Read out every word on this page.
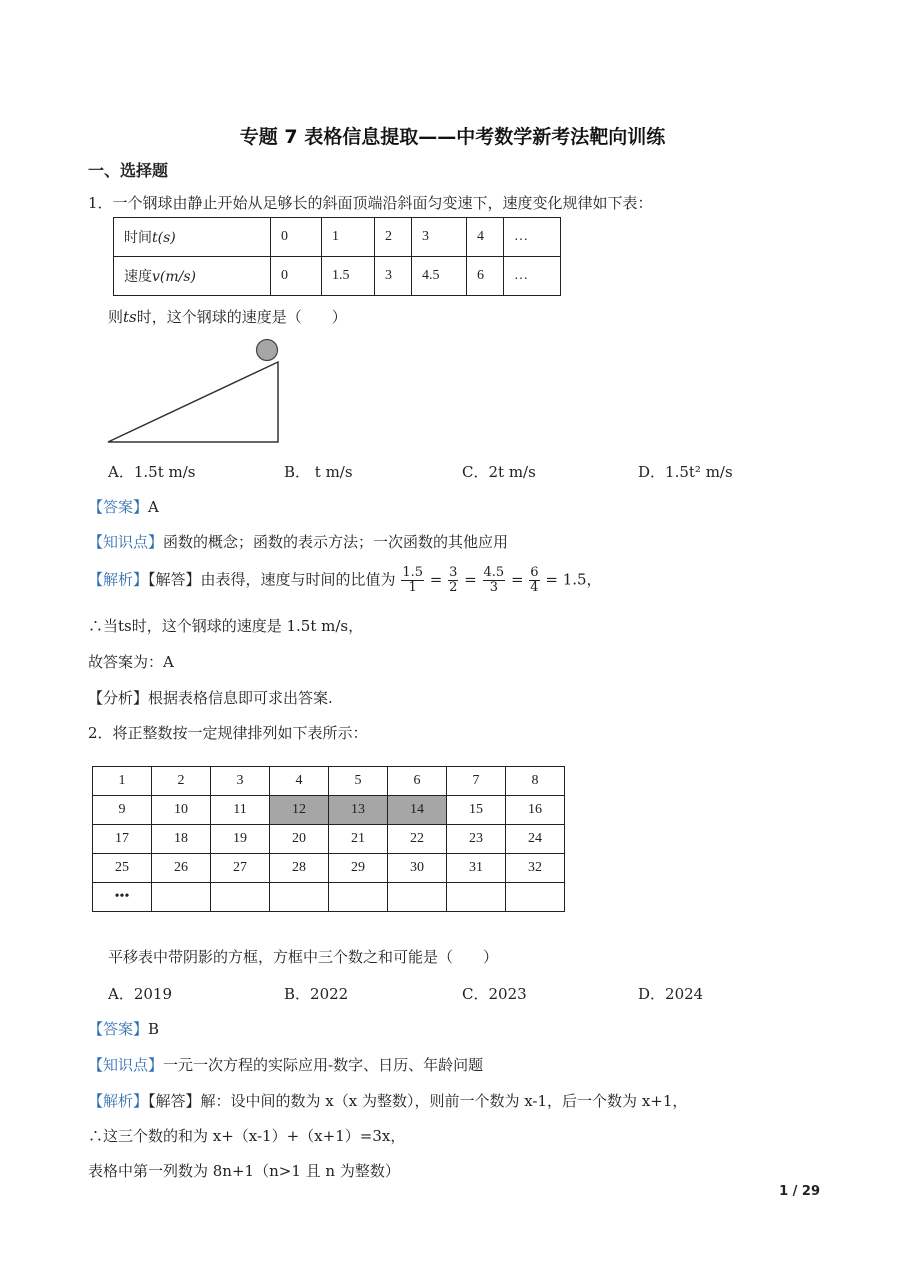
专题 7 表格信息提取——中考数学新考法靶向训练
一、选择题
1．一个钢球由静止开始从足够长的斜面顶端沿斜面匀变速下，速度变化规律如下表：
时间t(s)	0	1	2	3	4	…
速度v(m/s)	0	1.5	3	4.5	6	…
则ts时，这个钢球的速度是（　　）
A．1.5t m/s	B． t m/s	C．2t m/s	D．1.5t² m/s
【答案】A
【知识点】函数的概念；函数的表示方法；一次函数的其他应用
【解析】【解答】由表得，速度与时间的比值为 $\frac{1.5}{1} = \frac{3}{2} = \frac{4.5}{3} = \frac{6}{4} = 1.5$，
∴当ts时，这个钢球的速度是 1.5t m/s，
故答案为：A
【分析】根据表格信息即可求出答案.
2．将正整数按一定规律排列如下表所示：
1	2	3	4	5	6	7	8
9	10	11	12	13	14	15	16
17	18	19	20	21	22	23	24
25	26	27	28	29	30	31	32
•••							
平移表中带阴影的方框，方框中三个数之和可能是（　　）
A．2019	B．2022	C．2023	D．2024
【答案】B
【知识点】一元一次方程的实际应用-数字、日历、年龄问题
【解析】【解答】解：设中间的数为 x（x 为整数），则前一个数为 x-1，后一个数为 x+1，
∴这三个数的和为 x+（x-1）+（x+1）=3x，
表格中第一列数为 8n+1（n>1 且 n 为整数）
1 / 29
